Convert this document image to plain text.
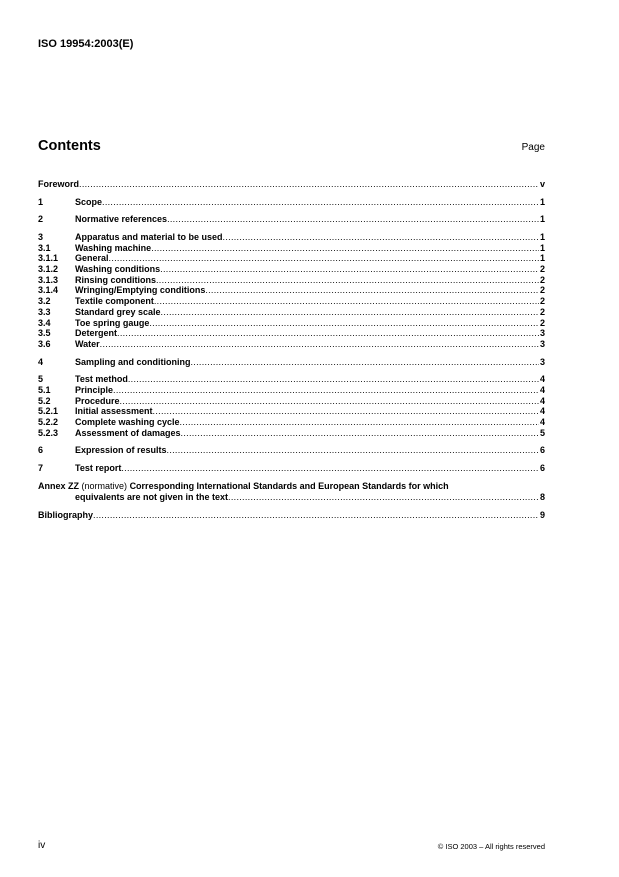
ISO 19954:2003(E)
Contents	Page
Foreword .....	v
1	Scope .....	1
2	Normative references .....	1
3	Apparatus and material to be used .....	1
3.1	Washing machine .....	1
3.1.1	General .....	1
3.1.2	Washing conditions .....	2
3.1.3	Rinsing conditions .....	2
3.1.4	Wringing/Emptying conditions .....	2
3.2	Textile component .....	2
3.3	Standard grey scale .....	2
3.4	Toe spring gauge .....	2
3.5	Detergent .....	3
3.6	Water .....	3
4	Sampling and conditioning .....	3
5	Test method .....	4
5.1	Principle .....	4
5.2	Procedure .....	4
5.2.1	Initial assessment .....	4
5.2.2	Complete washing cycle .....	4
5.2.3	Assessment of damages .....	5
6	Expression of results .....	6
7	Test report .....	6
Annex ZZ (normative) Corresponding International Standards and European Standards for which
equivalents are not given in the text .....	8
Bibliography .....	9
iv	© ISO 2003 – All rights reserved
